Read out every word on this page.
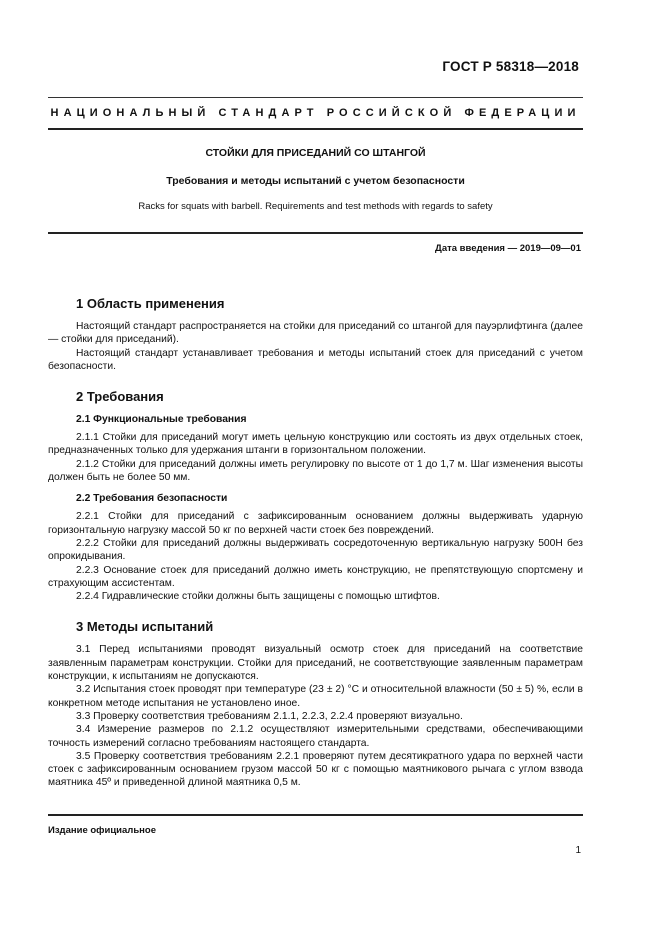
ГОСТ Р 58318—2018
НАЦИОНАЛЬНЫЙ СТАНДАРТ РОССИЙСКОЙ ФЕДЕРАЦИИ
СТОЙКИ ДЛЯ ПРИСЕДАНИЙ СО ШТАНГОЙ
Требования и методы испытаний с учетом безопасности
Racks for squats with barbell. Requirements and test methods with regards to safety
Дата введения — 2019—09—01
1 Область применения

Настоящий стандарт распространяется на стойки для приседаний со штангой для пауэрлифтинга (далее — стойки для приседаний).

Настоящий стандарт устанавливает требования и методы испытаний стоек для приседаний с учетом безопасности.

2 Требования
2.1 Функциональные требования

2.1.1 Стойки для приседаний могут иметь цельную конструкцию или состоять из двух отдельных стоек, предназначенных только для удержания штанги в горизонтальном положении.

2.1.2 Стойки для приседаний должны иметь регулировку по высоте от 1 до 1,7 м. Шаг изменения высоты должен быть не более 50 мм.

2.2 Требования безопасности

2.2.1 Стойки для приседаний с зафиксированным основанием должны выдерживать ударную горизонтальную нагрузку массой 50 кг по верхней части стоек без повреждений.

2.2.2 Стойки для приседаний должны выдерживать сосредоточенную вертикальную нагрузку 500Н без опрокидывания.

2.2.3 Основание стоек для приседаний должно иметь конструкцию, не препятствующую спортсмену и страхующим ассистентам.

2.2.4 Гидравлические стойки должны быть защищены с помощью штифтов.

3 Методы испытаний

3.1 Перед испытаниями проводят визуальный осмотр стоек для приседаний на соответствие заявленным параметрам конструкции. Стойки для приседаний, не соответствующие заявленным параметрам конструкции, к испытаниям не допускаются.

3.2 Испытания стоек проводят при температуре (23 ± 2) °С и относительной влажности (50 ± 5) %, если в конкретном методе испытания не установлено иное.

3.3 Проверку соответствия требованиям 2.1.1, 2.2.3, 2.2.4 проверяют визуально.

3.4 Измерение размеров по 2.1.2 осуществляют измерительными средствами, обеспечивающими точность измерений согласно требованиям настоящего стандарта.

3.5 Проверку соответствия требованиям 2.2.1 проверяют путем десятикратного удара по верхней части стоек с зафиксированным основанием грузом массой 50 кг с помощью маятникового рычага с углом взвода маятника 45º и приведенной длиной маятника 0,5 м.

Издание официальное
1
